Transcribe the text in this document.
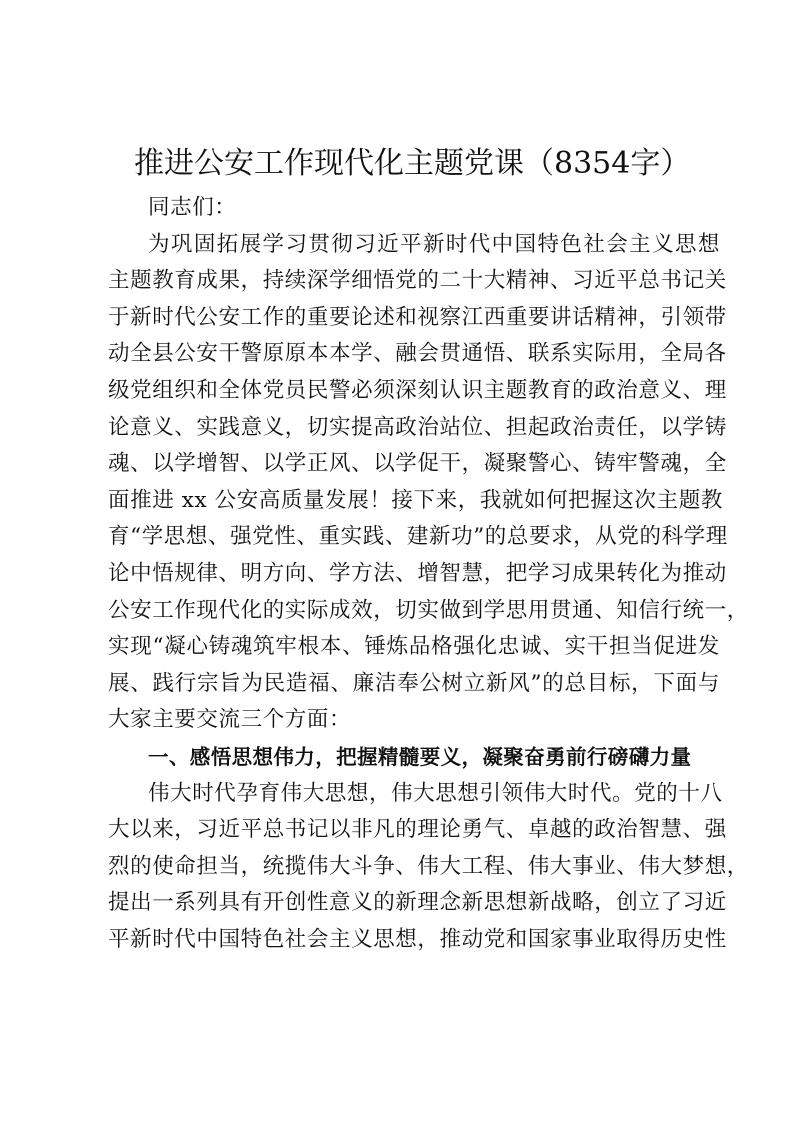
推进公安工作现代化主题党课（8354字）
同志们：
为巩固拓展学习贯彻习近平新时代中国特色社会主义思想
主题教育成果，持续深学细悟党的二十大精神、习近平总书记关
于新时代公安工作的重要论述和视察江西重要讲话精神，引领带
动全县公安干警原原本本学、融会贯通悟、联系实际用，全局各
级党组织和全体党员民警必须深刻认识主题教育的政治意义、理
论意义、实践意义，切实提高政治站位、担起政治责任，以学铸
魂、以学增智、以学正风、以学促干，凝聚警心、铸牢警魂，全
面推进 xx 公安高质量发展！接下来，我就如何把握这次主题教
育“学思想、强党性、重实践、建新功”的总要求，从党的科学理
论中悟规律、明方向、学方法、增智慧，把学习成果转化为推动
公安工作现代化的实际成效，切实做到学思用贯通、知信行统一，
实现“凝心铸魂筑牢根本、锤炼品格强化忠诚、实干担当促进发
展、践行宗旨为民造福、廉洁奉公树立新风”的总目标，下面与
大家主要交流三个方面：
一、感悟思想伟力，把握精髓要义，凝聚奋勇前行磅礴力量
伟大时代孕育伟大思想，伟大思想引领伟大时代。党的十八
大以来，习近平总书记以非凡的理论勇气、卓越的政治智慧、强
烈的使命担当，统揽伟大斗争、伟大工程、伟大事业、伟大梦想，
提出一系列具有开创性意义的新理念新思想新战略，创立了习近
平新时代中国特色社会主义思想，推动党和国家事业取得历史性
